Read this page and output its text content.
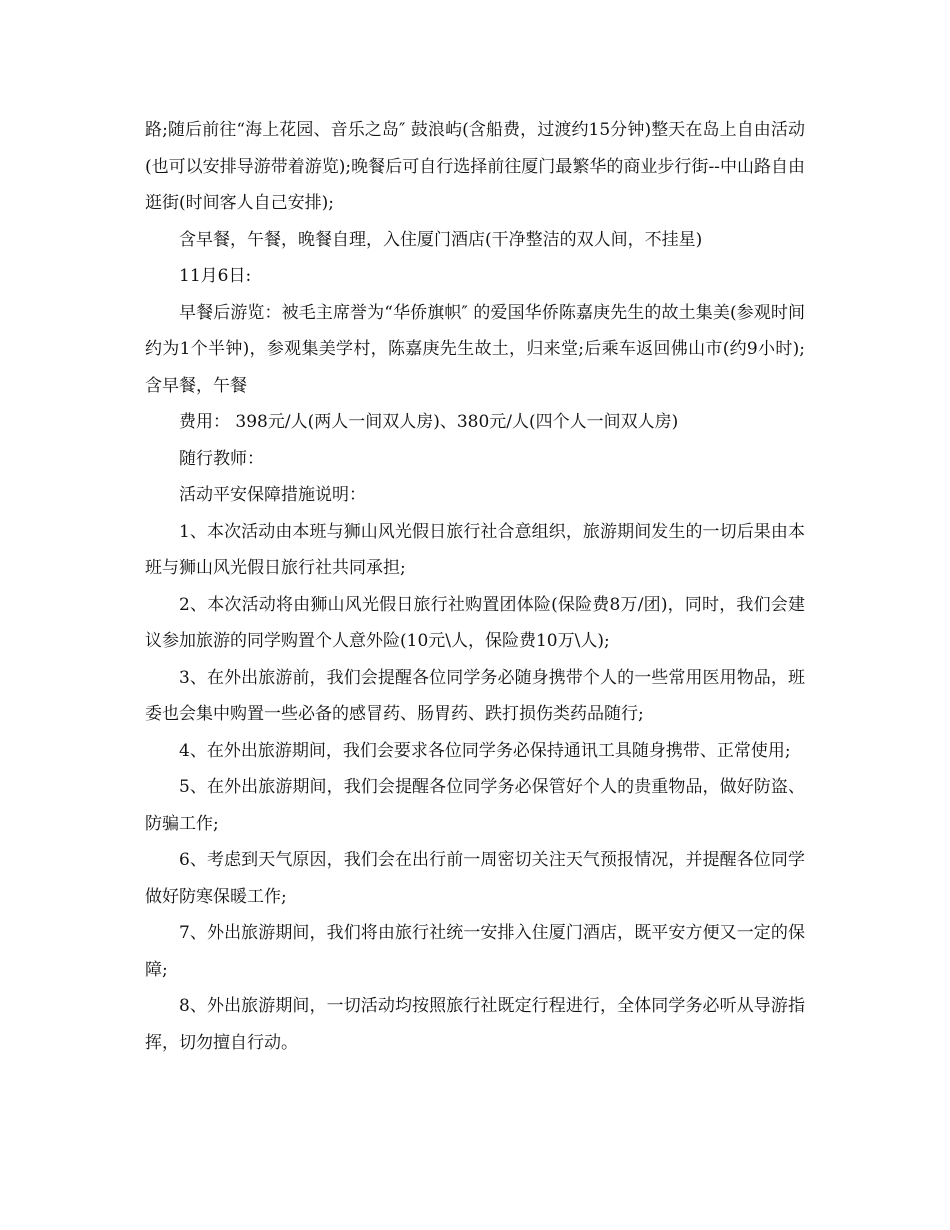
路;随后前往“海上花园、音乐之岛″ 鼓浪屿(含船费，过渡约15分钟)整天在岛上自由活动(也可以安排导游带着游览);晚餐后可自行选择前往厦门最繁华的商业步行街--中山路自由逛街(时间客人自己安排);

含早餐，午餐，晚餐自理，入住厦门酒店(干净整洁的双人间，不挂星)

11月6日:

早餐后游览：被毛主席誉为“华侨旗帜″ 的爱国华侨陈嘉庚先生的故土集美(参观时间约为1个半钟)，参观集美学村，陈嘉庚先生故土，归来堂;后乘车返回佛山市(约9小时);含早餐，午餐

费用： 398元/人(两人一间双人房)、380元/人(四个人一间双人房)

随行教师：

活动平安保障措施说明：

1、本次活动由本班与狮山风光假日旅行社合意组织，旅游期间发生的一切后果由本班与狮山风光假日旅行社共同承担;

2、本次活动将由狮山风光假日旅行社购置团体险(保险费8万/团)，同时，我们会建议参加旅游的同学购置个人意外险(10元\人，保险费10万\人);

3、在外出旅游前，我们会提醒各位同学务必随身携带个人的一些常用医用物品，班委也会集中购置一些必备的感冒药、肠胃药、跌打损伤类药品随行;

4、在外出旅游期间，我们会要求各位同学务必保持通讯工具随身携带、正常使用;

5、在外出旅游期间，我们会提醒各位同学务必保管好个人的贵重物品，做好防盗、防骗工作;

6、考虑到天气原因，我们会在出行前一周密切关注天气预报情况，并提醒各位同学做好防寒保暖工作;

7、外出旅游期间，我们将由旅行社统一安排入住厦门酒店，既平安方便又一定的保障;

8、外出旅游期间，一切活动均按照旅行社既定行程进行，全体同学务必听从导游指挥，切勿擅自行动。
